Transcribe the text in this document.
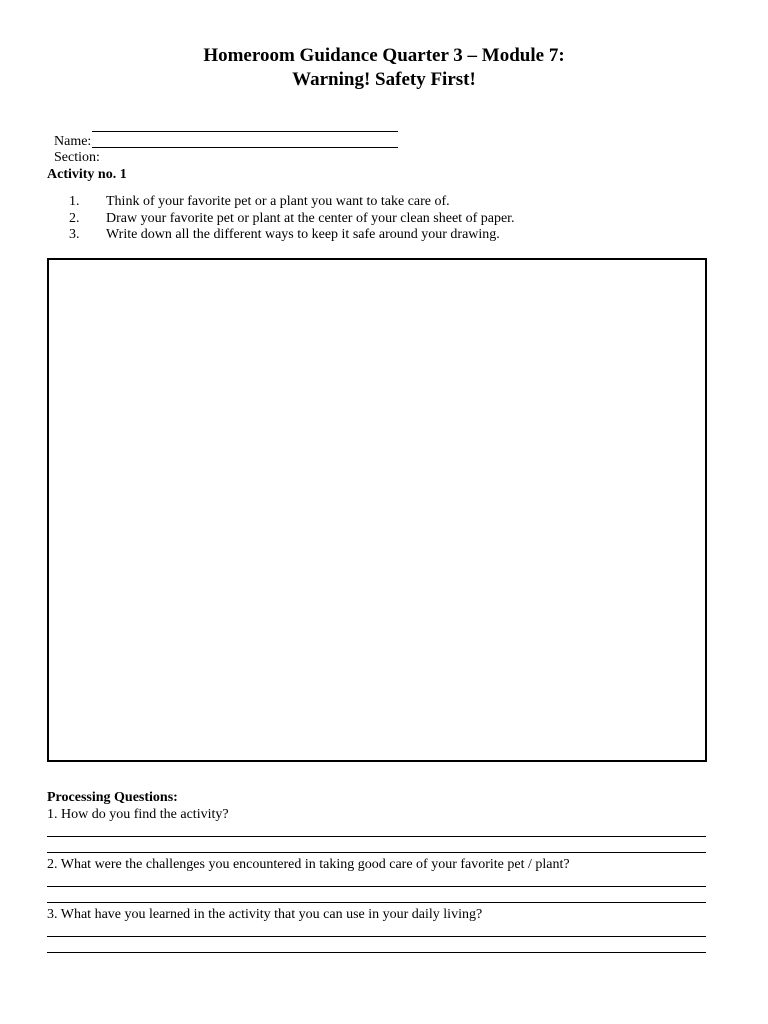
Homeroom Guidance Quarter 3 – Module 7:
Warning! Safety First!

Name:

Section:

Activity no. 1
1. Think of your favorite pet or a plant you want to take care of.
2. Draw your favorite pet or plant at the center of your clean sheet of paper.
3. Write down all the different ways to keep it safe around your drawing.
Processing Questions:
1. How do you find the activity?
2. What were the challenges you encountered in taking good care of your favorite pet / plant?
3. What have you learned in the activity that you can use in your daily living?
